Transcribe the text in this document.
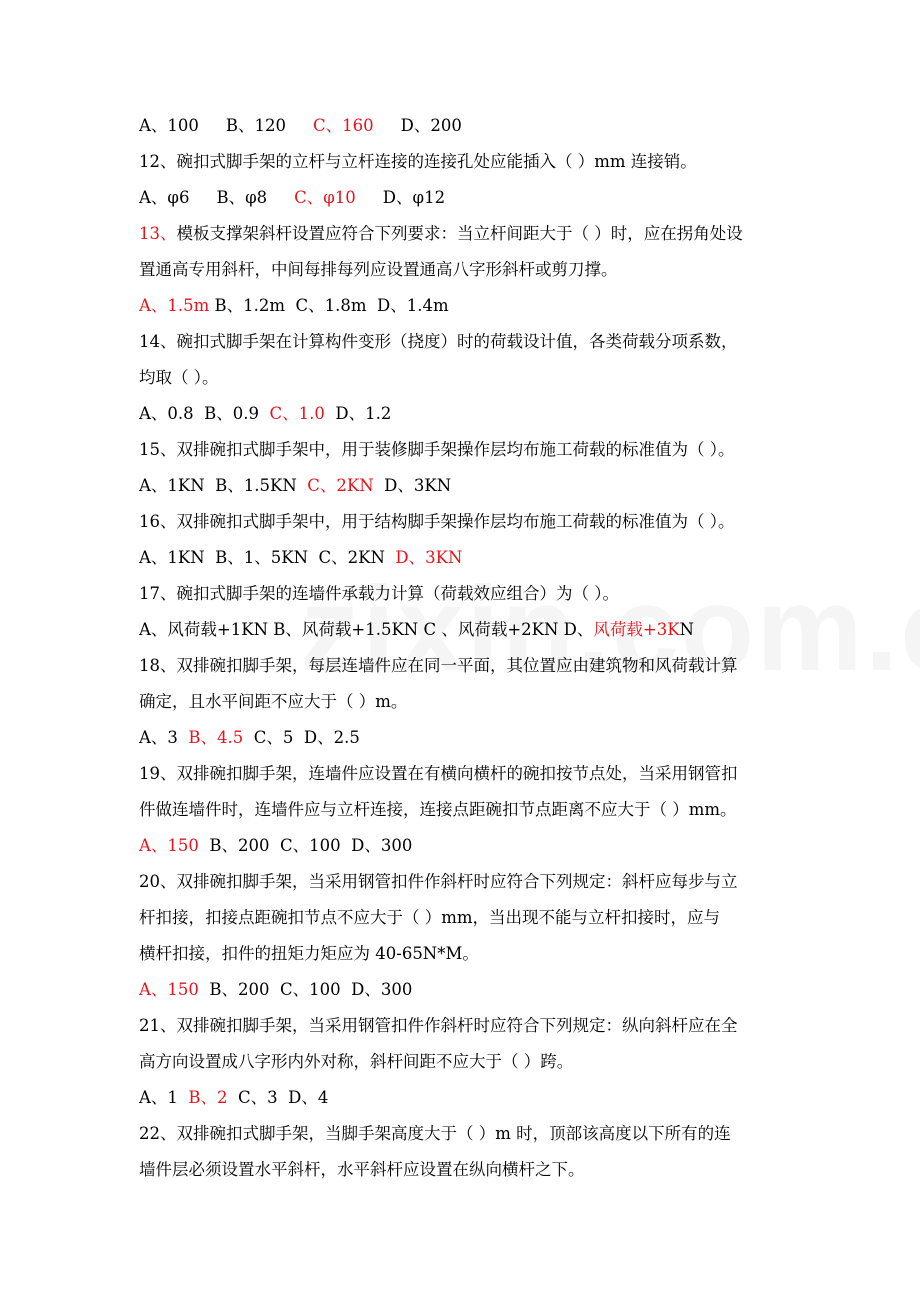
A、100 　 B、120 　 C、160 　 D、200
12、碗扣式脚手架的立杆与立杆连接的连接孔处应能插入（ ）mm 连接销。
A、φ6 　 B、φ8 　 C、φ10 　 D、φ12
13、模板支撑架斜杆设置应符合下列要求：当立杆间距大于（ ）时，应在拐角处设
置通高专用斜杆，中间每排每列应设置通高八字形斜杆或剪刀撑。
A、1.5m B、1.2m  C、1.8m  D、1.4m
14、碗扣式脚手架在计算构件变形（挠度）时的荷载设计值，各类荷载分项系数，
均取（ ）。
A、0.8  B、0.9  C、1.0  D、1.2
15、双排碗扣式脚手架中，用于装修脚手架操作层均布施工荷载的标准值为（ ）。
A、1KN  B、1.5KN  C、2KN  D、3KN
16、双排碗扣式脚手架中，用于结构脚手架操作层均布施工荷载的标准值为（ ）。
A、1KN  B、1、5KN  C、2KN  D、3KN
17、碗扣式脚手架的连墙件承载力计算（荷载效应组合）为（ ）。
A、风荷载+1KN B、风荷载+1.5KN C 、风荷载+2KN D、风荷载+3KN
18、双排碗扣脚手架，每层连墙件应在同一平面，其位置应由建筑物和风荷载计算
确定，且水平间距不应大于（ ）m。
A、3  B、4.5  C、5  D、2.5
19、双排碗扣脚手架，连墙件应设置在有横向横杆的碗扣按节点处，当采用钢管扣
件做连墙件时，连墙件应与立杆连接，连接点距碗扣节点距离不应大于（ ）mm。
A、150  B、200  C、100  D、300
20、双排碗扣脚手架，当采用钢管扣件作斜杆时应符合下列规定：斜杆应每步与立
杆扣接，扣接点距碗扣节点不应大于（ ）mm，当出现不能与立杆扣接时，应与
横杆扣接，扣件的扭矩力矩应为 40-65N*M。
A、150  B、200  C、100  D、300
21、双排碗扣脚手架，当采用钢管扣件作斜杆时应符合下列规定：纵向斜杆应在全
高方向设置成八字形内外对称，斜杆间距不应大于（ ）跨。
A、1  B、2  C、3  D、4
22、双排碗扣式脚手架，当脚手架高度大于（ ）m 时，顶部该高度以下所有的连
墙件层必须设置水平斜杆，水平斜杆应设置在纵向横杆之下。
